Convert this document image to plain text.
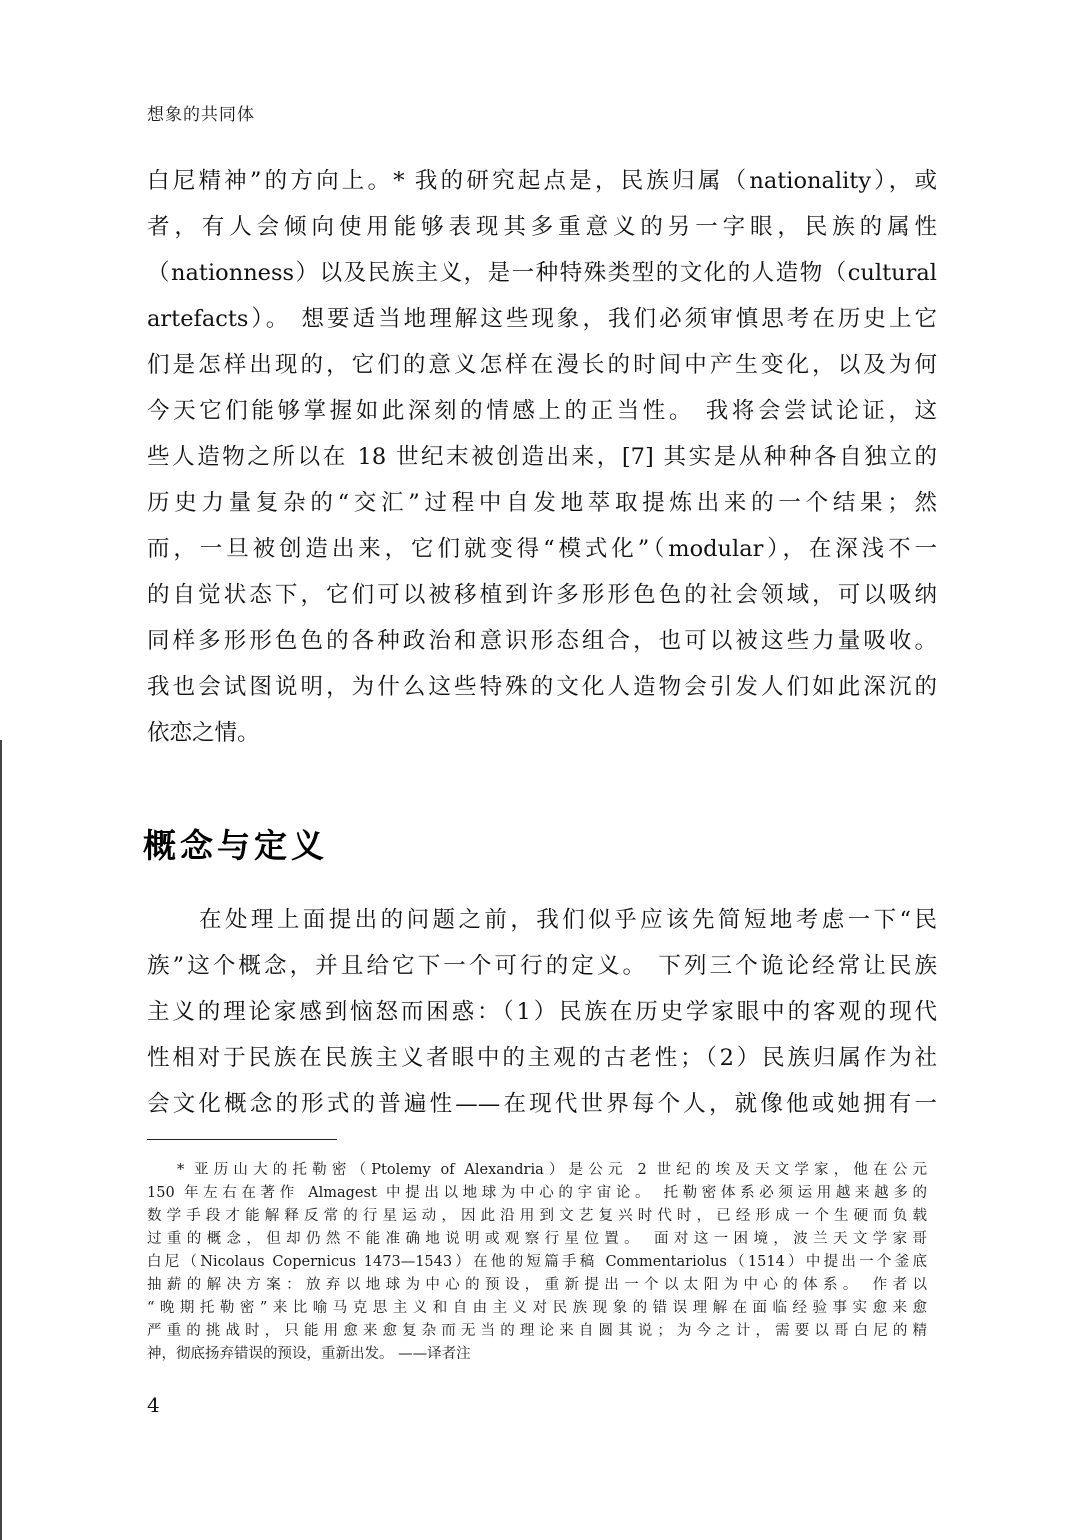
想象的共同体
白尼精神”的方向上。* 我的研究起点是，民族归属（nationality），或
者，有人会倾向使用能够表现其多重意义的另一字眼，民族的属性
（nationness）以及民族主义，是一种特殊类型的文化的人造物（cultural
artefacts）。 想要适当地理解这些现象，我们必须审慎思考在历史上它
们是怎样出现的，它们的意义怎样在漫长的时间中产生变化，以及为何
今天它们能够掌握如此深刻的情感上的正当性。 我将会尝试论证，这
些人造物之所以在 18 世纪末被创造出来，[7] 其实是从种种各自独立的
历史力量复杂的“交汇”过程中自发地萃取提炼出来的一个结果；然
而，一旦被创造出来，它们就变得“模式化”（modular），在深浅不一
的自觉状态下，它们可以被移植到许多形形色色的社会领域，可以吸纳
同样多形形色色的各种政治和意识形态组合，也可以被这些力量吸收。
我也会试图说明，为什么这些特殊的文化人造物会引发人们如此深沉的
依恋之情。
概念与定义
在处理上面提出的问题之前，我们似乎应该先简短地考虑一下“民
族”这个概念，并且给它下一个可行的定义。 下列三个诡论经常让民族
主义的理论家感到恼怒而困惑：（1）民族在历史学家眼中的客观的现代
性相对于民族在民族主义者眼中的主观的古老性；（2）民族归属作为社
会文化概念的形式的普遍性——在现代世界每个人，就像他或她拥有一
* 亚历山大的托勒密（Ptolemy of Alexandria）是公元 2 世纪的埃及天文学家，他在公元
150 年左右在著作 Almagest 中提出以地球为中心的宇宙论。 托勒密体系必须运用越来越多的
数学手段才能解释反常的行星运动，因此沿用到文艺复兴时代时，已经形成一个生硬而负载
过重的概念，但却仍然不能准确地说明或观察行星位置。 面对这一困境，波兰天文学家哥
白尼（Nicolaus Copernicus 1473—1543）在他的短篇手稿 Commentariolus（1514）中提出一个釜底
抽薪的解决方案：放弃以地球为中心的预设，重新提出一个以太阳为中心的体系。 作者以
“晚期托勒密”来比喻马克思主义和自由主义对民族现象的错误理解在面临经验事实愈来愈
严重的挑战时，只能用愈来愈复杂而无当的理论来自圆其说；为今之计，需要以哥白尼的精
神，彻底扬弃错误的预设，重新出发。 ——译者注
4
